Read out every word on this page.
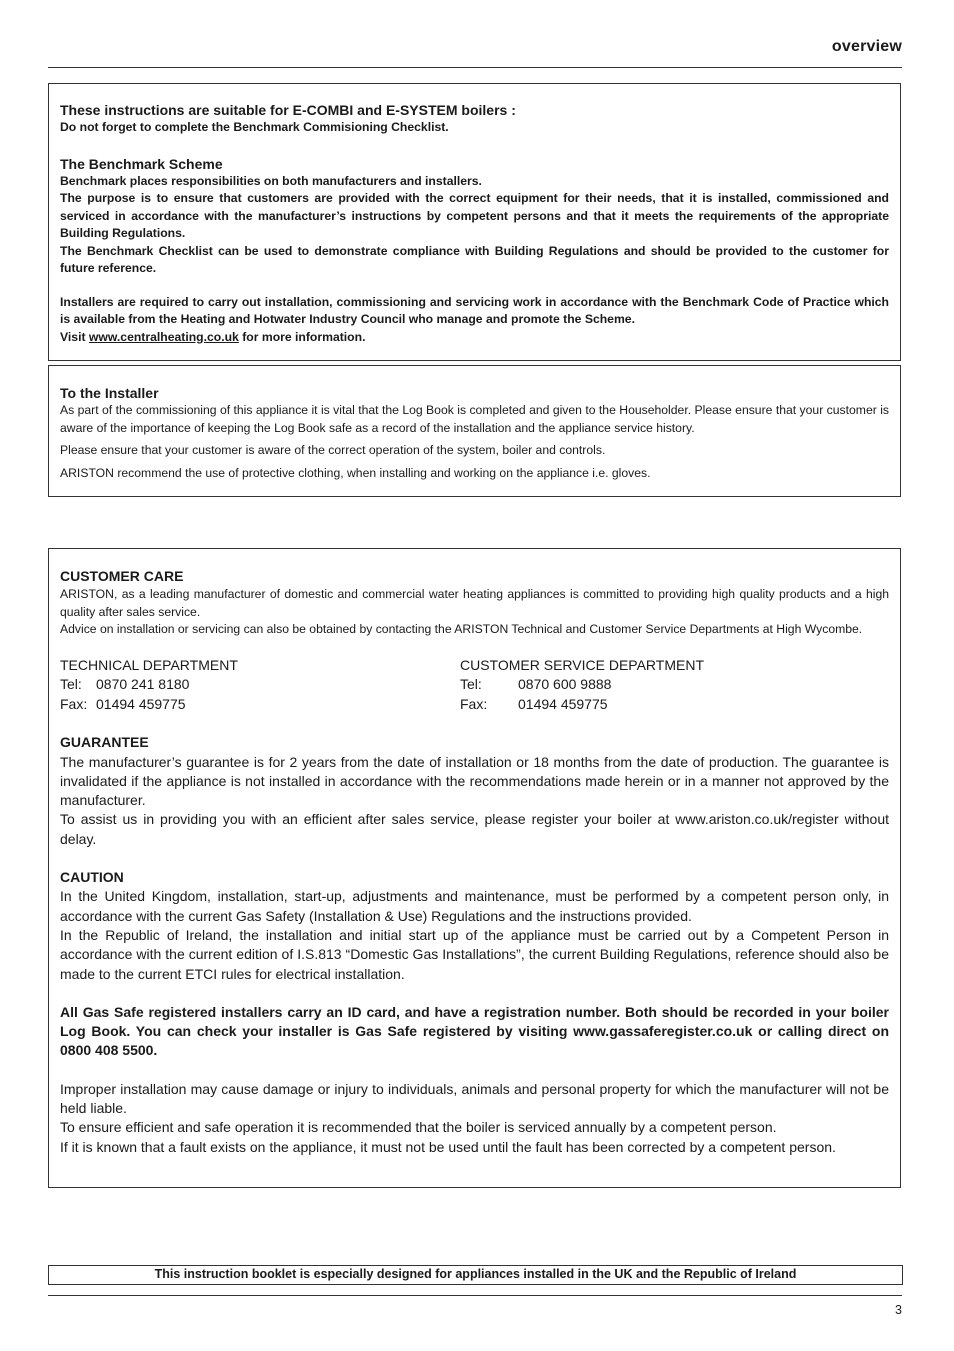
overview

These instructions are suitable for E-COMBI and E-SYSTEM boilers :

Do not forget to complete the Benchmark Commisioning Checklist.

The Benchmark Scheme

Benchmark places responsibilities on both manufacturers and installers.

The purpose is to ensure that customers are provided with the correct equipment for their needs, that it is installed, commissioned and serviced in accordance with the manufacturer’s instructions by competent persons and that it meets the requirements of the appropriate Building Regulations.

The Benchmark Checklist can be used to demonstrate compliance with Building Regulations and should be provided to the customer for future reference.

Installers are required to carry out installation, commissioning and servicing work in accordance with the Benchmark Code of Practice which is available from the Heating and Hotwater Industry Council who manage and promote the Scheme.

Visit www.centralheating.co.uk for more information.

To the Installer

As part of the commissioning of this appliance it is vital that the Log Book is completed and given to the Householder. Please ensure that your customer is aware of the importance of keeping the Log Book safe as a record of the installation and the appliance service history.

Please ensure that your customer is aware of the correct operation of the system, boiler and controls.

ARISTON recommend the use of protective clothing, when installing and working on the appliance i.e. gloves.

CUSTOMER CARE

ARISTON, as a leading manufacturer of domestic and commercial water heating appliances is committed to providing high quality products and a high quality after sales service.

Advice on installation or servicing can also be obtained by contacting the ARISTON Technical and Customer Service Departments at High Wycombe.

TECHNICAL DEPARTMENT
Tel:	0870 241 8180
Fax: 01494 459775
CUSTOMER SERVICE DEPARTMENT
Tel:	0870 600 9888
Fax:	01494 459775

GUARANTEE

The manufacturer’s guarantee is for 2 years from the date of installation or 18 months from the date of production. The guarantee is invalidated if the appliance is not installed in accordance with the recommendations made herein or in a manner not approved by the manufacturer.

To assist us in providing you with an efficient after sales service, please register your boiler at www.ariston.co.uk/register without delay.

CAUTION

In the United Kingdom, installation, start-up, adjustments and maintenance, must be performed by a competent person only, in accordance with the current Gas Safety (Installation & Use) Regulations and the instructions provided.

In the Republic of Ireland, the installation and initial start up of the appliance must be carried out by a Competent Person in accordance with the current edition of I.S.813 “Domestic Gas Installations”, the current Building Regulations, reference should also be made to the current ETCI rules for electrical installation.

All Gas Safe registered installers carry an ID card, and have a registration number. Both should be recorded in your boiler Log Book. You can check your installer is Gas Safe registered by visiting www.gassaferegister.co.uk or calling direct on 0800 408 5500.

Improper installation may cause damage or injury to individuals, animals and personal property for which the manufacturer will not be held liable.

To ensure efficient and safe operation it is recommended that the boiler is serviced annually by a competent person.

If it is known that a fault exists on the appliance, it must not be used until the fault has been corrected by a competent person.

This instruction booklet is especially designed for appliances installed in the UK and the Republic of Ireland
3
